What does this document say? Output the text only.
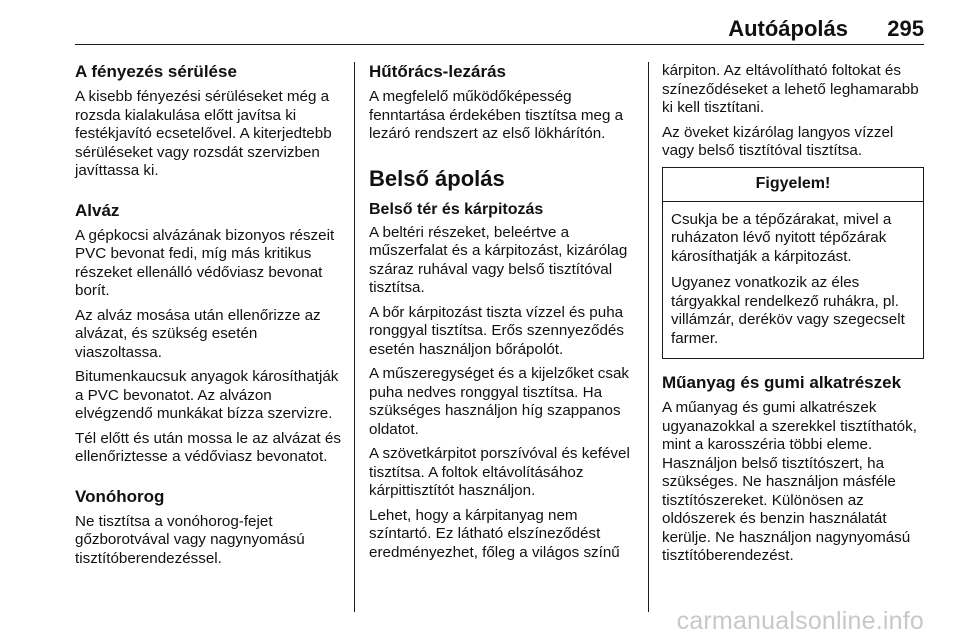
Autóápolás 295
A fényezés sérülése

A kisebb fényezési sérüléseket még a rozsda kialakulása előtt javítsa ki festékjavító ecsetelővel. A kiterjedtebb sérüléseket vagy rozsdát szervizben javíttassa ki.

Alváz

A gépkocsi alvázának bizonyos részeit PVC bevonat fedi, míg más kritikus részeket ellenálló védőviasz bevonat borít.

Az alváz mosása után ellenőrizze az alvázat, és szükség esetén viaszoltassa.

Bitumenkaucsuk anyagok károsíthatják a PVC bevonatot. Az alvázon elvégzendő munkákat bízza szervizre.

Tél előtt és után mossa le az alvázat és ellenőriztesse a védőviasz bevonatot.

Vonóhorog

Ne tisztítsa a vonóhorog-fejet gőzborotvával vagy nagynyomású tisztítóberendezéssel.

Hűtőrács-lezárás

A megfelelő működőképesség fenntartása érdekében tisztítsa meg a lezáró rendszert az első lökhárítón.

Belső ápolás
Belső tér és kárpitozás

A beltéri részeket, beleértve a műszerfalat és a kárpitozást, kizárólag száraz ruhával vagy belső tisztítóval tisztítsa.

A bőr kárpitozást tiszta vízzel és puha ronggyal tisztítsa. Erős szennyeződés esetén használjon bőrápolót.

A műszeregységet és a kijelzőket csak puha nedves ronggyal tisztítsa. Ha szükséges használjon híg szappanos oldatot.

A szövetkárpitot porszívóval és kefével tisztítsa. A foltok eltávolításához kárpittisztítót használjon.

Lehet, hogy a kárpitanyag nem színtartó. Ez látható elszíneződést eredményezhet, főleg a világos színű

kárpiton. Az eltávolítható foltokat és színeződéseket a lehető leghamarabb ki kell tisztítani.

Az öveket kizárólag langyos vízzel vagy belső tisztítóval tisztítsa.

Figyelem!

Csukja be a tépőzárakat, mivel a ruházaton lévő nyitott tépőzárak károsíthatják a kárpitozást.

Ugyanez vonatkozik az éles tárgyakkal rendelkező ruhákra, pl. villámzár, deréköv vagy szegecselt farmer.

Műanyag és gumi alkatrészek

A műanyag és gumi alkatrészek ugyanazokkal a szerekkel tisztíthatók, mint a karosszéria többi eleme. Használjon belső tisztítószert, ha szükséges. Ne használjon másféle tisztítószereket. Különösen az oldószerek és benzin használatát kerülje. Ne használjon nagynyomású tisztítóberendezést.

carmanualsonline.info
